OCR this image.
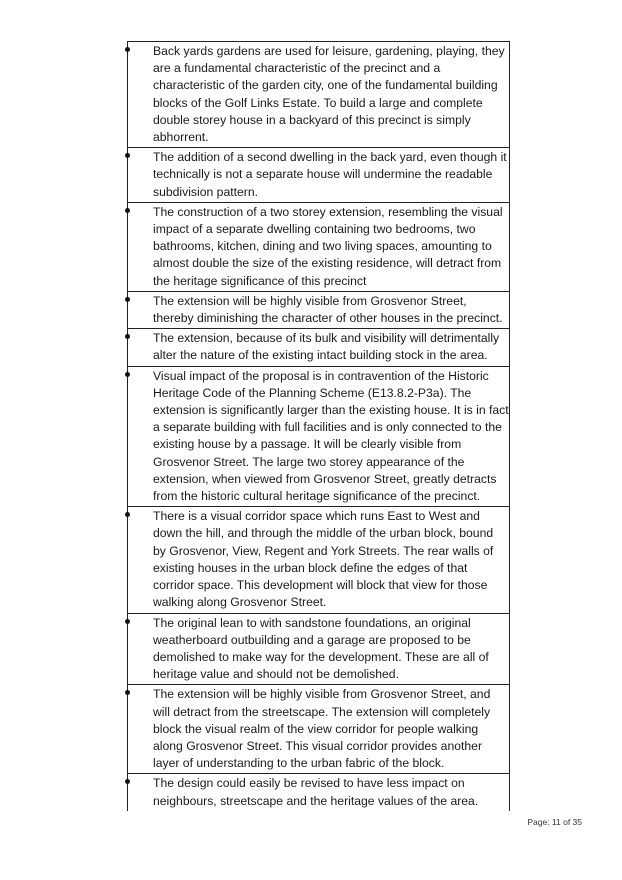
Back yards gardens are used for leisure, gardening, playing, they are a fundamental characteristic of the precinct and a characteristic of the garden city, one of the fundamental building blocks of the Golf Links Estate. To build a large and complete double storey house in a backyard of this precinct is simply abhorrent.

The addition of a second dwelling in the back yard, even though it technically is not a separate house will undermine the readable subdivision pattern.

The construction of a two storey extension, resembling the visual impact of a separate dwelling containing two bedrooms, two bathrooms, kitchen, dining and two living spaces, amounting to almost double the size of the existing residence, will detract from the heritage significance of this precinct

The extension will be highly visible from Grosvenor Street, thereby diminishing the character of other houses in the precinct.

The extension, because of its bulk and visibility will detrimentally alter the nature of the existing intact building stock in the area.

Visual impact of the proposal is in contravention of the Historic Heritage Code of the Planning Scheme (E13.8.2-P3a). The extension is significantly larger than the existing house. It is in fact a separate building with full facilities and is only connected to the existing house by a passage. It will be clearly visible from Grosvenor Street. The large two storey appearance of the extension, when viewed from Grosvenor Street, greatly detracts from the historic cultural heritage significance of the precinct.

There is a visual corridor space which runs East to West and down the hill, and through the middle of the urban block, bound by Grosvenor, View, Regent and York Streets. The rear walls of existing houses in the urban block define the edges of that corridor space. This development will block that view for those walking along Grosvenor Street.

The original lean to with sandstone foundations, an original weatherboard outbuilding and a garage are proposed to be demolished to make way for the development. These are all of heritage value and should not be demolished.

The extension will be highly visible from Grosvenor Street, and will detract from the streetscape. The extension will completely block the visual realm of the view corridor for people walking along Grosvenor Street. This visual corridor provides another layer of understanding to the urban fabric of the block.

The design could easily be revised to have less impact on neighbours, streetscape and the heritage values of the area.

Page: 11 of 35
